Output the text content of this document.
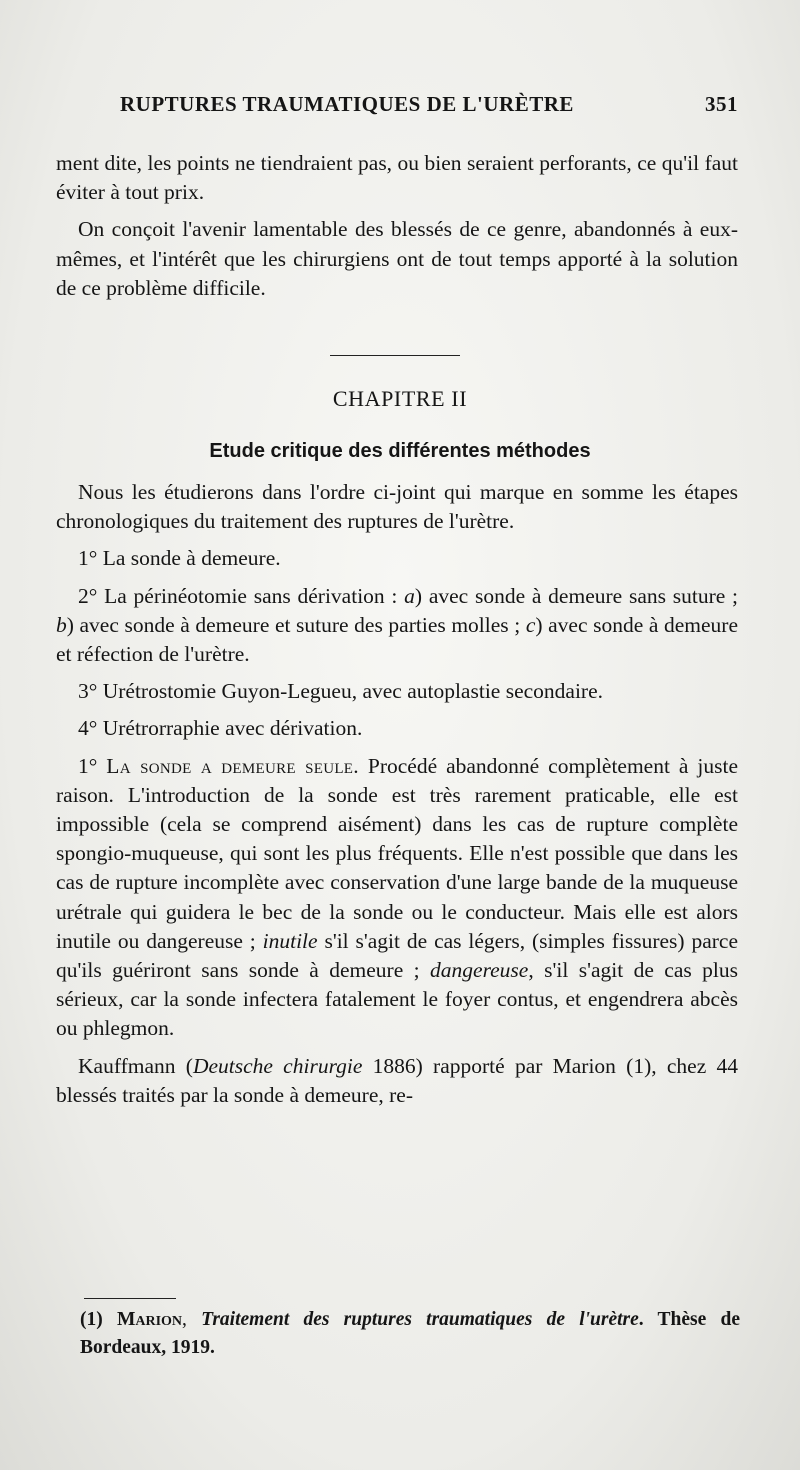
RUPTURES TRAUMATIQUES DE L'URÈTRE	351

ment dite, les points ne tiendraient pas, ou bien seraient perforants, ce qu'il faut éviter à tout prix.

On conçoit l'avenir lamentable des blessés de ce genre, abandonnés à eux-mêmes, et l'intérêt que les chirurgiens ont de tout temps apporté à la solution de ce problème difficile.

CHAPITRE II
Etude critique des différentes méthodes

Nous les étudierons dans l'ordre ci-joint qui marque en somme les étapes chronologiques du traitement des ruptures de l'urètre.

1° La sonde à demeure.

2° La périnéotomie sans dérivation : a) avec sonde à demeure sans suture ; b) avec sonde à demeure et suture des parties molles ; c) avec sonde à demeure et réfection de l'urètre.

3° Urétrostomie Guyon-Legueu, avec autoplastie secondaire.

4° Urétrorraphie avec dérivation.

1° La sonde a demeure seule. Procédé abandonné complètement à juste raison. L'introduction de la sonde est très rarement praticable, elle est impossible (cela se comprend aisément) dans les cas de rupture complète spongio-muqueuse, qui sont les plus fréquents. Elle n'est possible que dans les cas de rupture incomplète avec conservation d'une large bande de la muqueuse urétrale qui guidera le bec de la sonde ou le conducteur. Mais elle est alors inutile ou dangereuse ; inutile s'il s'agit de cas légers, (simples fissures) parce qu'ils guériront sans sonde à demeure ; dangereuse, s'il s'agit de cas plus sérieux, car la sonde infectera fatalement le foyer contus, et engendrera abcès ou phlegmon.

Kauffmann (Deutsche chirurgie 1886) rapporté par Marion (1), chez 44 blessés traités par la sonde à demeure, re-

(1) Marion, Traitement des ruptures traumatiques de l'urètre. Thèse de Bordeaux, 1919.
